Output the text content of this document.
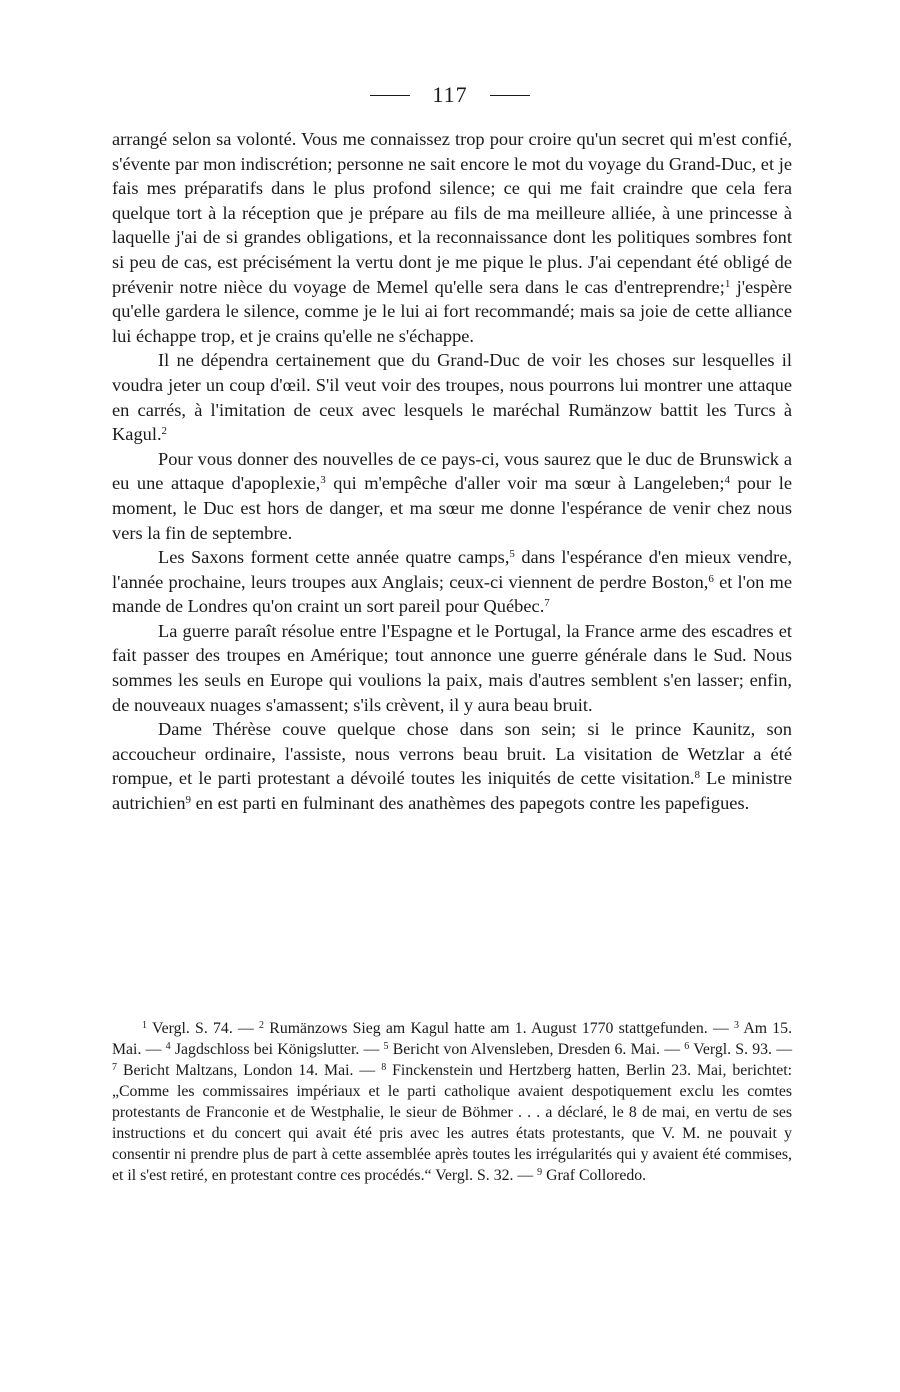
117

arrangé selon sa volonté. Vous me connaissez trop pour croire qu'un secret qui m'est confié, s'évente par mon indiscrétion; personne ne sait encore le mot du voyage du Grand-Duc, et je fais mes préparatifs dans le plus profond silence; ce qui me fait craindre que cela fera quelque tort à la réception que je prépare au fils de ma meilleure alliée, à une princesse à laquelle j'ai de si grandes obligations, et la reconnaissance dont les politiques sombres font si peu de cas, est précisément la vertu dont je me pique le plus. J'ai cependant été obligé de prévenir notre nièce du voyage de Memel qu'elle sera dans le cas d'entreprendre;$^1$ j'espère qu'elle gardera le silence, comme je le lui ai fort recommandé; mais sa joie de cette alliance lui échappe trop, et je crains qu'elle ne s'échappe.

Il ne dépendra certainement que du Grand-Duc de voir les choses sur lesquelles il voudra jeter un coup d'œil. S'il veut voir des troupes, nous pourrons lui montrer une attaque en carrés, à l'imitation de ceux avec lesquels le maréchal Rumänzow battit les Turcs à Kagul.$^2$

Pour vous donner des nouvelles de ce pays-ci, vous saurez que le duc de Brunswick a eu une attaque d'apoplexie,$^3$ qui m'empêche d'aller voir ma sœur à Langeleben;$^4$ pour le moment, le Duc est hors de danger, et ma sœur me donne l'espérance de venir chez nous vers la fin de septembre.

Les Saxons forment cette année quatre camps,$^5$ dans l'espérance d'en mieux vendre, l'année prochaine, leurs troupes aux Anglais; ceux-ci viennent de perdre Boston,$^6$ et l'on me mande de Londres qu'on craint un sort pareil pour Québec.$^7$

La guerre paraît résolue entre l'Espagne et le Portugal, la France arme des escadres et fait passer des troupes en Amérique; tout annonce une guerre générale dans le Sud. Nous sommes les seuls en Europe qui voulions la paix, mais d'autres semblent s'en lasser; enfin, de nouveaux nuages s'amassent; s'ils crèvent, il y aura beau bruit.

Dame Thérèse couve quelque chose dans son sein; si le prince Kaunitz, son accoucheur ordinaire, l'assiste, nous verrons beau bruit. La visitation de Wetzlar a été rompue, et le parti protestant a dévoilé toutes les iniquités de cette visitation.$^8$ Le ministre autrichien$^9$ en est parti en fulminant des anathèmes des papegots contre les papefigues.

$^1$ Vergl. S. 74. — $^2$ Rumänzows Sieg am Kagul hatte am 1. August 1770 stattgefunden. — $^3$ Am 15. Mai. — $^4$ Jagdschloss bei Königslutter. — $^5$ Bericht von Alvensleben, Dresden 6. Mai. — $^6$ Vergl. S. 93. — $^7$ Bericht Maltzans, London 14. Mai. — $^8$ Finckenstein und Hertzberg hatten, Berlin 23. Mai, berichtet: „Comme les commissaires impériaux et le parti catholique avaient despotiquement exclu les comtes protestants de Franconie et de Westphalie, le sieur de Böhmer . . . a déclaré, le 8 de mai, en vertu de ses instructions et du concert qui avait été pris avec les autres états protestants, que V. M. ne pouvait y consentir ni prendre plus de part à cette assemblée après toutes les irrégularités qui y avaient été commises, et il s'est retiré, en protestant contre ces procédés.“ Vergl. S. 32. — $^9$ Graf Colloredo.
